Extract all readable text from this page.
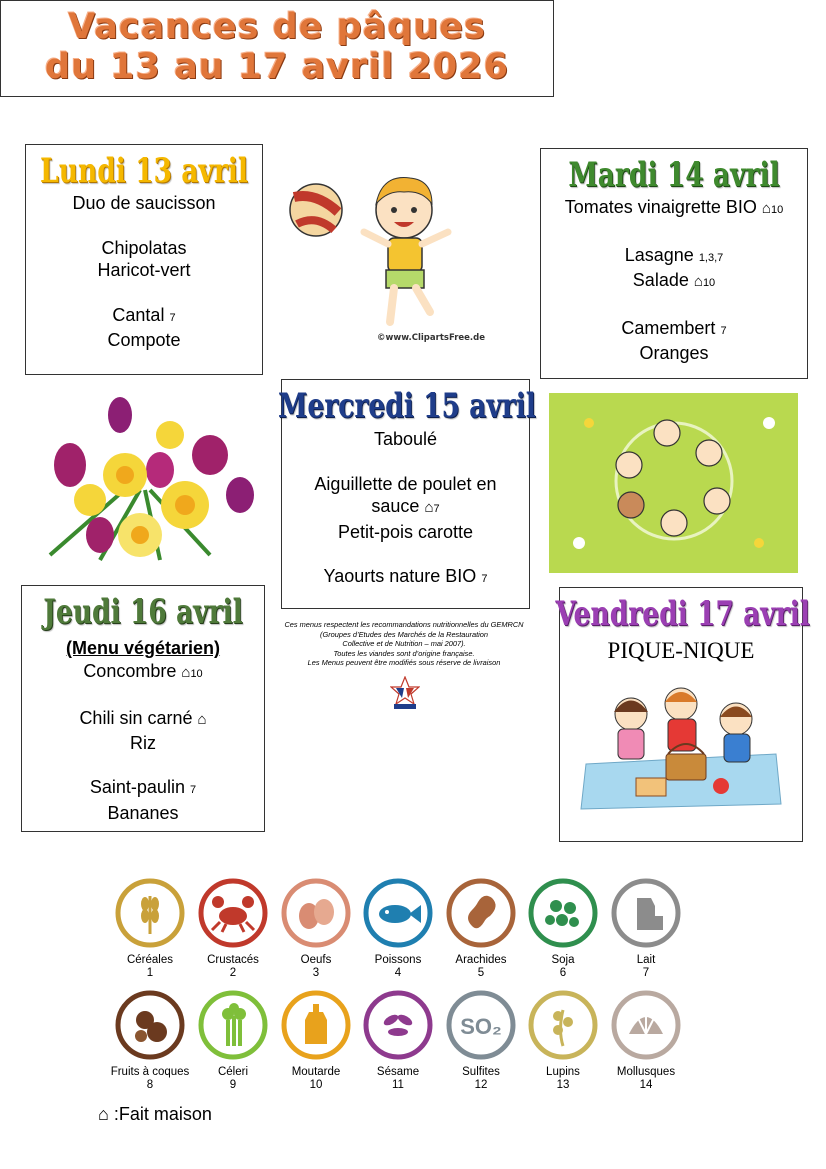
Vacances de pâques
du 13 au 17 avril 2026
Lundi 13 avril
Duo de saucisson
Chipolatas
Haricot-vert
Cantal 7
Compote	©www.ClipartsFree.de
Mardi 14 avril
Tomates vinaigrette BIO ⌂10
Lasagne 1,3,7
Salade ⌂10
Camembert 7
Oranges
Mercredi 15 avril
Taboulé
Aiguillette de poulet en
sauce ⌂7
Petit-pois carotte
Yaourts nature BIO 7
Jeudi 16 avril
(Menu végétarien)
Concombre ⌂10
Chili sin carné ⌂
Riz
Saint-paulin 7
Bananes
Ces menus respectent les recommandations nutritionnelles du GEMRCN
(Groupes d’Etudes des Marchés de la Restauration
Collective et de Nutrition – mai 2007).
Toutes les viandes sont d’origine française.
Les Menus peuvent être modifiés sous réserve de livraison
Vendredi 17 avril
PIQUE-NIQUE
Céréales
1
Crustacés
2
Oeufs
3
Poissons
4
Arachides
5
Soja
6
Lait
7
Fruits à coques
8
Céleri
9
Moutarde
10
Sésame
11
SO₂
Sulfites
12
Lupins
13
Mollusques
14
⌂ :Fait maison
